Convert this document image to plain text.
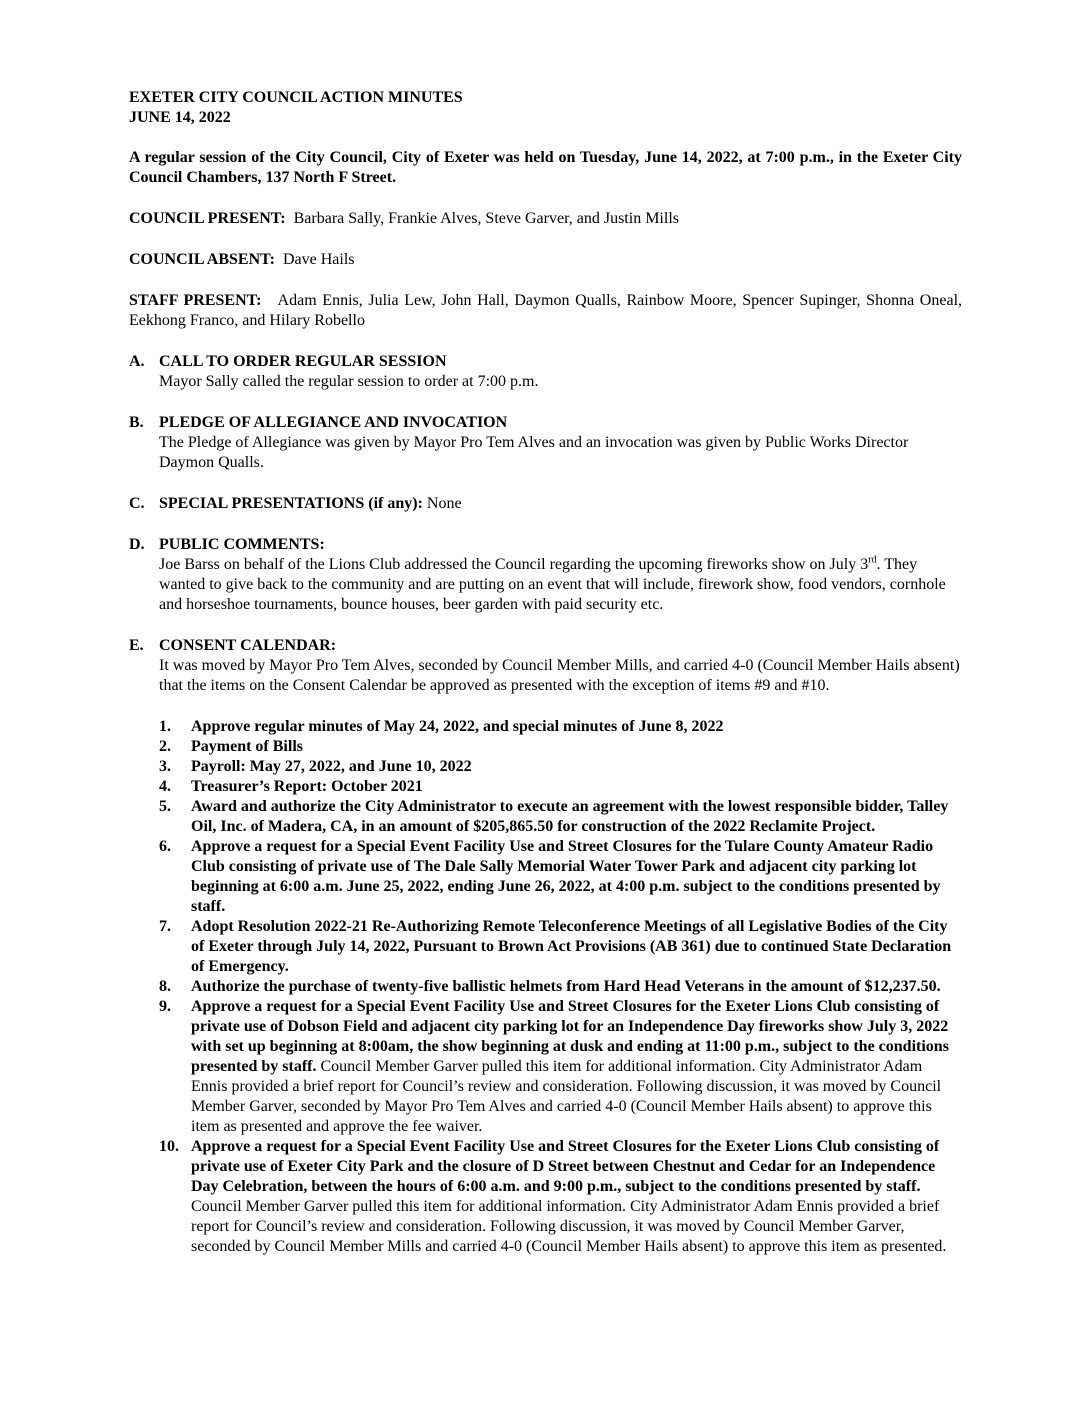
EXETER CITY COUNCIL ACTION MINUTES

JUNE 14, 2022

A regular session of the City Council, City of Exeter was held on Tuesday, June 14, 2022, at 7:00 p.m., in the Exeter City Council Chambers, 137 North F Street.

COUNCIL PRESENT: Barbara Sally, Frankie Alves, Steve Garver, and Justin Mills

COUNCIL ABSENT: Dave Hails

STAFF PRESENT: Adam Ennis, Julia Lew, John Hall, Daymon Qualls, Rainbow Moore, Spencer Supinger, Shonna Oneal, Eekhong Franco, and Hilary Robello

A. CALL TO ORDER REGULAR SESSION

Mayor Sally called the regular session to order at 7:00 p.m.

B. PLEDGE OF ALLEGIANCE AND INVOCATION

The Pledge of Allegiance was given by Mayor Pro Tem Alves and an invocation was given by Public Works Director Daymon Qualls.

C. SPECIAL PRESENTATIONS (if any): None

D. PUBLIC COMMENTS:

Joe Barss on behalf of the Lions Club addressed the Council regarding the upcoming fireworks show on July 3rd. They wanted to give back to the community and are putting on an event that will include, firework show, food vendors, cornhole and horseshoe tournaments, bounce houses, beer garden with paid security etc.

E. CONSENT CALENDAR:

It was moved by Mayor Pro Tem Alves, seconded by Council Member Mills, and carried 4-0 (Council Member Hails absent) that the items on the Consent Calendar be approved as presented with the exception of items #9 and #10.

1. Approve regular minutes of May 24, 2022, and special minutes of June 8, 2022
2. Payment of Bills
3. Payroll: May 27, 2022, and June 10, 2022
4. Treasurer’s Report: October 2021
5. Award and authorize the City Administrator to execute an agreement with the lowest responsible bidder, Talley Oil, Inc. of Madera, CA, in an amount of $205,865.50 for construction of the 2022 Reclamite Project.
6. Approve a request for a Special Event Facility Use and Street Closures for the Tulare County Amateur Radio Club consisting of private use of The Dale Sally Memorial Water Tower Park and adjacent city parking lot beginning at 6:00 a.m. June 25, 2022, ending June 26, 2022, at 4:00 p.m. subject to the conditions presented by staff.
7. Adopt Resolution 2022-21 Re-Authorizing Remote Teleconference Meetings of all Legislative Bodies of the City of Exeter through July 14, 2022, Pursuant to Brown Act Provisions (AB 361) due to continued State Declaration of Emergency.
8. Authorize the purchase of twenty-five ballistic helmets from Hard Head Veterans in the amount of $12,237.50.
9. Approve a request for a Special Event Facility Use and Street Closures for the Exeter Lions Club consisting of private use of Dobson Field and adjacent city parking lot for an Independence Day fireworks show July 3, 2022 with set up beginning at 8:00am, the show beginning at dusk and ending at 11:00 p.m., subject to the conditions presented by staff. Council Member Garver pulled this item for additional information. City Administrator Adam Ennis provided a brief report for Council’s review and consideration. Following discussion, it was moved by Council Member Garver, seconded by Mayor Pro Tem Alves and carried 4-0 (Council Member Hails absent) to approve this item as presented and approve the fee waiver.
10. Approve a request for a Special Event Facility Use and Street Closures for the Exeter Lions Club consisting of private use of Exeter City Park and the closure of D Street between Chestnut and Cedar for an Independence Day Celebration, between the hours of 6:00 a.m. and 9:00 p.m., subject to the conditions presented by staff. Council Member Garver pulled this item for additional information. City Administrator Adam Ennis provided a brief report for Council’s review and consideration. Following discussion, it was moved by Council Member Garver, seconded by Council Member Mills and carried 4-0 (Council Member Hails absent) to approve this item as presented.
